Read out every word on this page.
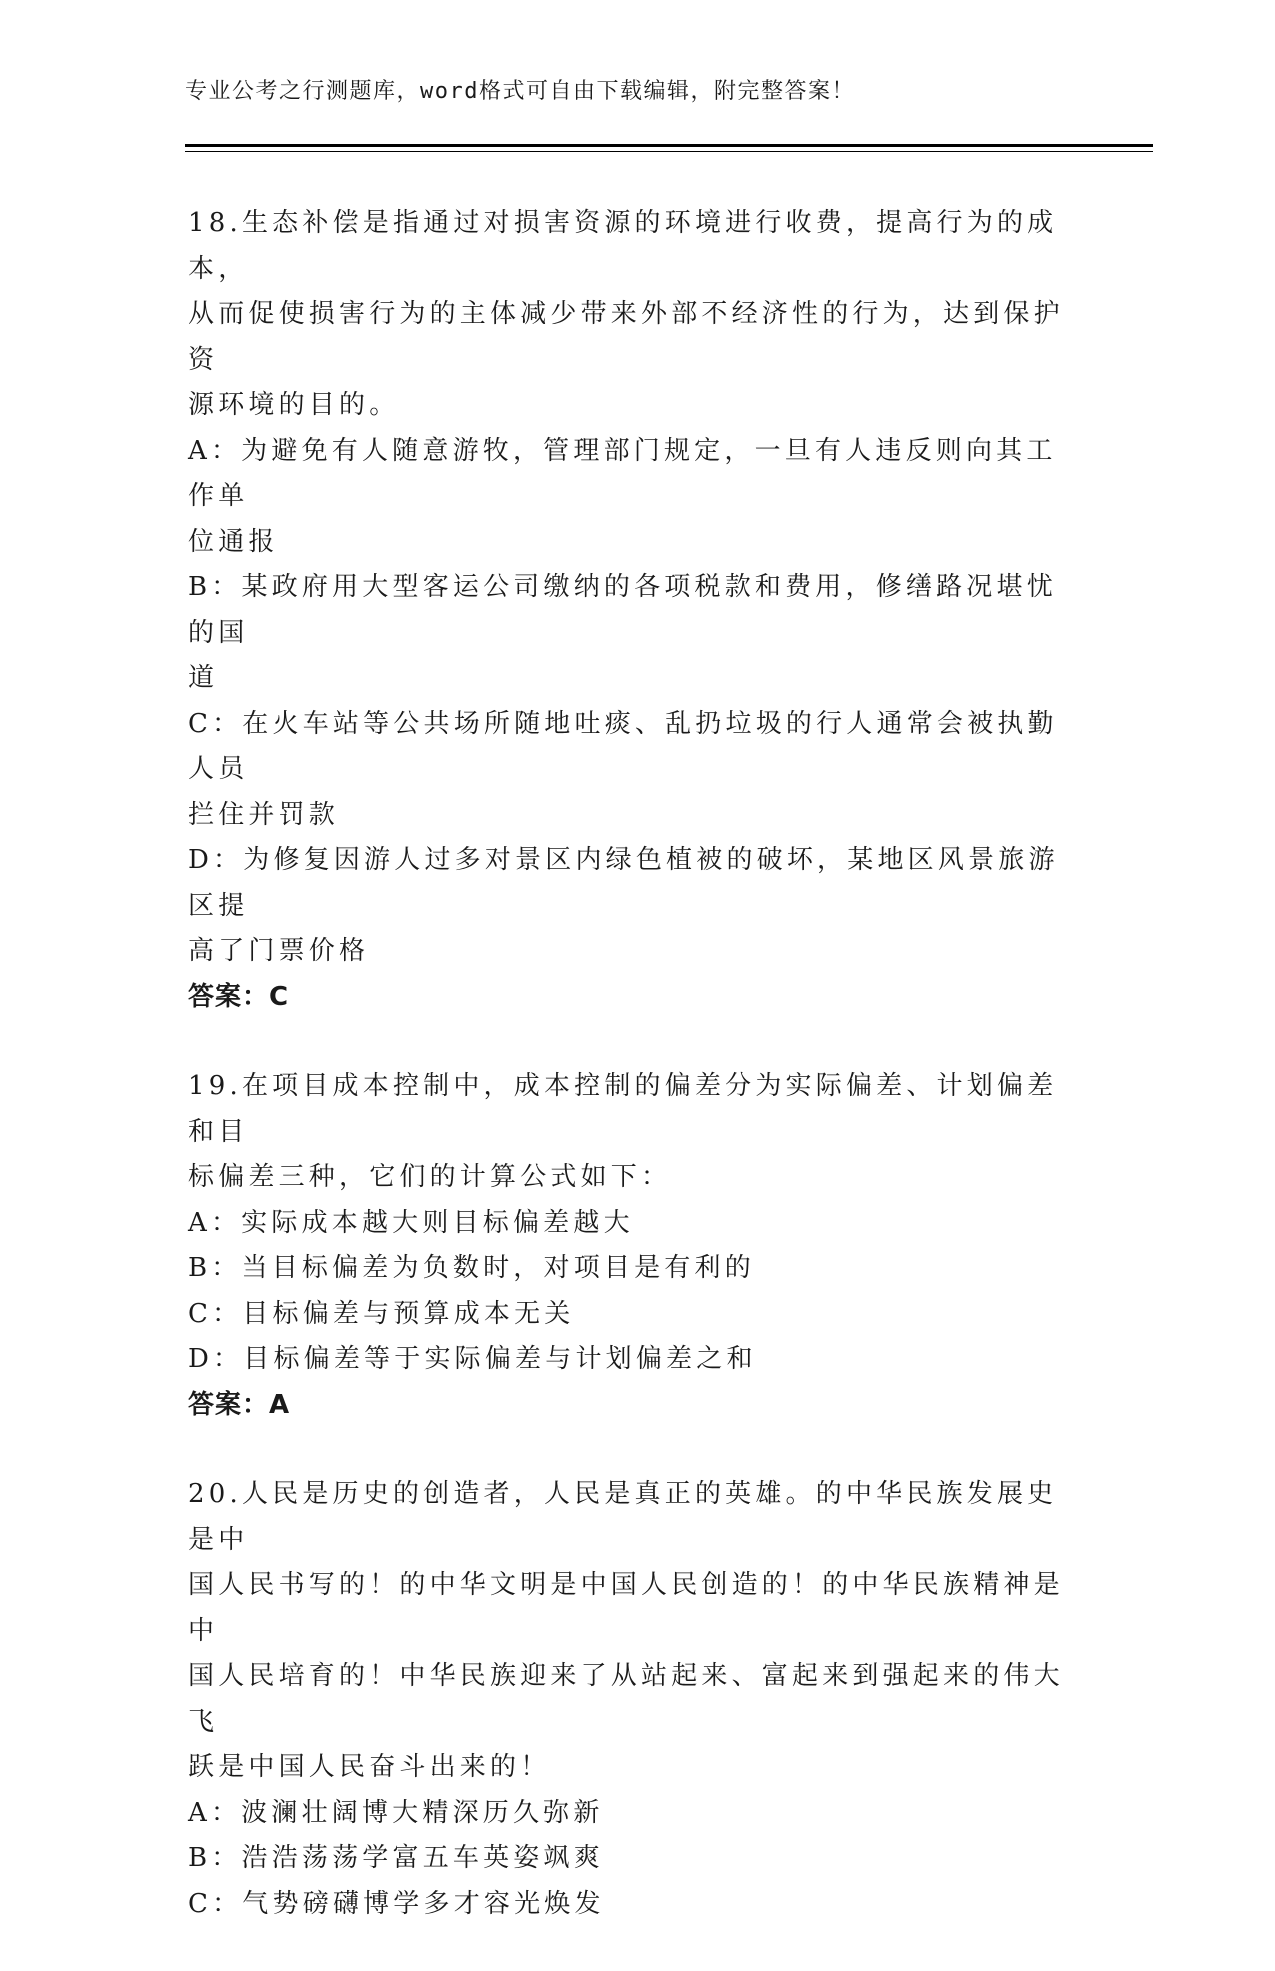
专业公考之行测题库，word格式可自由下载编辑，附完整答案！
18.生态补偿是指通过对损害资源的环境进行收费，提高行为的成本，
从而促使损害行为的主体减少带来外部不经济性的行为，达到保护资
源环境的目的。
A：为避免有人随意游牧，管理部门规定，一旦有人违反则向其工作单
位通报
B：某政府用大型客运公司缴纳的各项税款和费用，修缮路况堪忧的国
道
C：在火车站等公共场所随地吐痰、乱扔垃圾的行人通常会被执勤人员
拦住并罚款
D：为修复因游人过多对景区内绿色植被的破坏，某地区风景旅游区提
高了门票价格
答案：C
19.在项目成本控制中，成本控制的偏差分为实际偏差、计划偏差和目
标偏差三种，它们的计算公式如下：
A：实际成本越大则目标偏差越大
B：当目标偏差为负数时，对项目是有利的
C：目标偏差与预算成本无关
D：目标偏差等于实际偏差与计划偏差之和
答案：A
20.人民是历史的创造者，人民是真正的英雄。的中华民族发展史是中
国人民书写的！的中华文明是中国人民创造的！的中华民族精神是中
国人民培育的！中华民族迎来了从站起来、富起来到强起来的伟大飞
跃是中国人民奋斗出来的！
A：波澜壮阔博大精深历久弥新
B：浩浩荡荡学富五车英姿飒爽
C：气势磅礴博学多才容光焕发
